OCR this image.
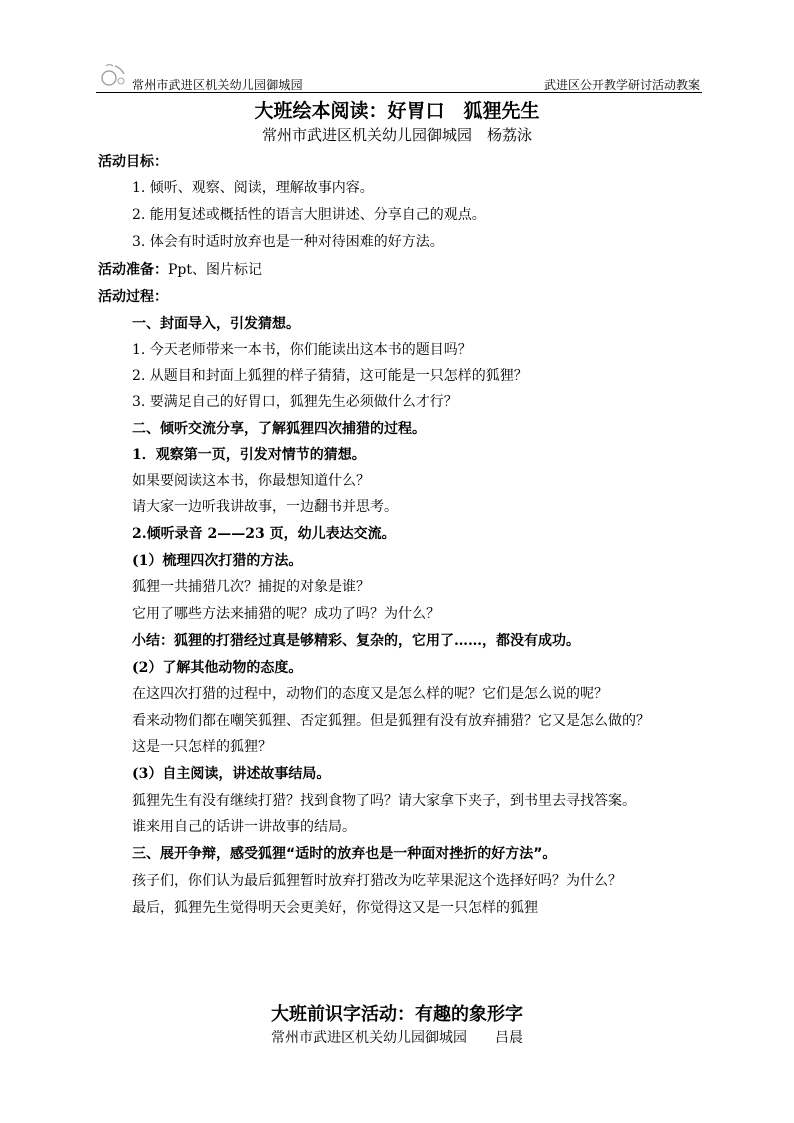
常州市武进区机关幼儿园御城园	武进区公开教学研讨活动教案
大班绘本阅读：好胃口　狐狸先生
常州市武进区机关幼儿园御城园　杨荔泳
活动目标：
1. 倾听、观察、阅读，理解故事内容。
2. 能用复述或概括性的语言大胆讲述、分享自己的观点。
3. 体会有时适时放弃也是一种对待困难的好方法。
活动准备：Ppt、图片标记
活动过程：
一、封面导入，引发猜想。
1. 今天老师带来一本书，你们能读出这本书的题目吗？
2. 从题目和封面上狐狸的样子猜猜，这可能是一只怎样的狐狸？
3. 要满足自己的好胃口，狐狸先生必须做什么才行？
二、倾听交流分享，了解狐狸四次捕猎的过程。
1．观察第一页，引发对情节的猜想。
如果要阅读这本书，你最想知道什么？
请大家一边听我讲故事，一边翻书并思考。
2.倾听录音 2——23 页，幼儿表达交流。
(1）梳理四次打猎的方法。
狐狸一共捕猎几次？捕捉的对象是谁？
它用了哪些方法来捕猎的呢？成功了吗？为什么？
小结：狐狸的打猎经过真是够精彩、复杂的，它用了……，都没有成功。
(2）了解其他动物的态度。
在这四次打猎的过程中，动物们的态度又是怎么样的呢？它们是怎么说的呢？
看来动物们都在嘲笑狐狸、否定狐狸。但是狐狸有没有放弃捕猎？它又是怎么做的？
这是一只怎样的狐狸？
(3）自主阅读，讲述故事结局。
狐狸先生有没有继续打猎？找到食物了吗？请大家拿下夹子，到书里去寻找答案。
谁来用自己的话讲一讲故事的结局。
三、展开争辩，感受狐狸“适时的放弃也是一种面对挫折的好方法”。
孩子们，你们认为最后狐狸暂时放弃打猎改为吃苹果泥这个选择好吗？为什么？
最后，狐狸先生觉得明天会更美好，你觉得这又是一只怎样的狐狸
大班前识字活动：有趣的象形字
常州市武进区机关幼儿园御城园　　吕晨
